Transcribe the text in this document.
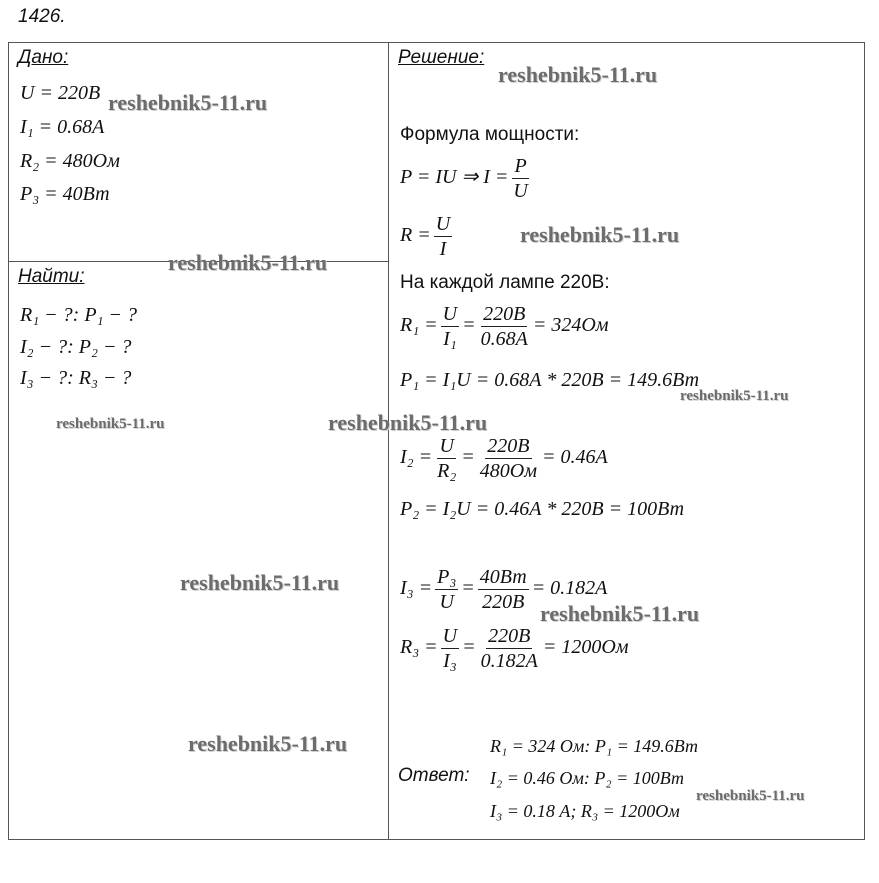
1426.
Дано:
U = 220В
I₁ = 0.68А
R₂ = 480Ом
P₃ = 40Вт
Найти:
R₁ − ?: P₁ − ?
I₂ − ?: P₂ − ?
I₃ − ?: R₃ − ?
Решение:
Формула мощности:
P = IU ⇒ $I = \frac{P}{U}$
$R = \frac{U}{I}$
На каждой лампе 220В:
$R_1 = \frac{U}{\text{I₁}} = \frac{220В}{0.68А} = 324Ом$
P₁ = I₁U = 0.68А * 220В = 149.6Вт
$I_2 = \frac{U}{\text{R₂}} = \frac{220В}{480Ом} = 0.46А$
P₂ = I₂U = 0.46А * 220В = 100Вт
$I_3 = \frac{\text{P₃}}{U} = \frac{40Вт}{220В} = 0.182А$
$R_3 = \frac{U}{\text{I₃}} = \frac{220В}{0.182А} = 1200Ом$
Ответ:
R₁ = 324 Ом: P₁ = 149.6Вт
I₂ = 0.46 Ом: P₂ = 100Вт
I₃ = 0.18 А; R₃ = 1200Ом
reshebnik5-11.ru
reshebnik5-11.ru
reshebnik5-11.ru
reshebnik5-11.ru
reshebnik5-11.ru
reshebnik5-11.ru	reshebnik5-11.ru
reshebnik5-11.ru
reshebnik5-11.ru
reshebnik5-11.ru
reshebnik5-11.ru
